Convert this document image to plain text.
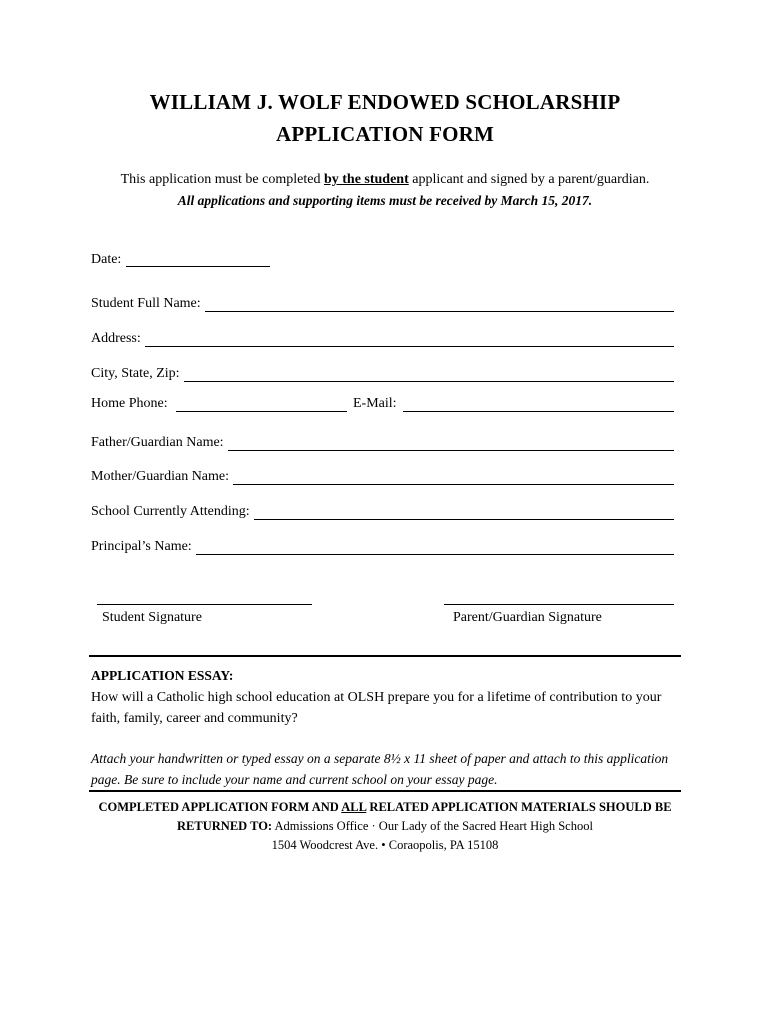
WILLIAM J. WOLF ENDOWED SCHOLARSHIP
APPLICATION FORM
This application must be completed by the student applicant and signed by a parent/guardian.
All applications and supporting items must be received by March 15, 2017.
Date:
Student Full Name:
Address:
City, State, Zip:
Home Phone:	E-Mail:
Father/Guardian Name:
Mother/Guardian Name:
School Currently Attending:
Principal’s Name:
Student Signature	Parent/Guardian Signature
APPLICATION ESSAY:
How will a Catholic high school education at OLSH prepare you for a lifetime of contribution to your faith, family, career and community?
Attach your handwritten or typed essay on a separate 8½ x 11 sheet of paper and attach to this application page. Be sure to include your name and current school on your essay page.
COMPLETED APPLICATION FORM AND ALL RELATED APPLICATION MATERIALS SHOULD BE
RETURNED TO: Admissions Office · Our Lady of the Sacred Heart High School
1504 Woodcrest Ave. • Coraopolis, PA 15108
